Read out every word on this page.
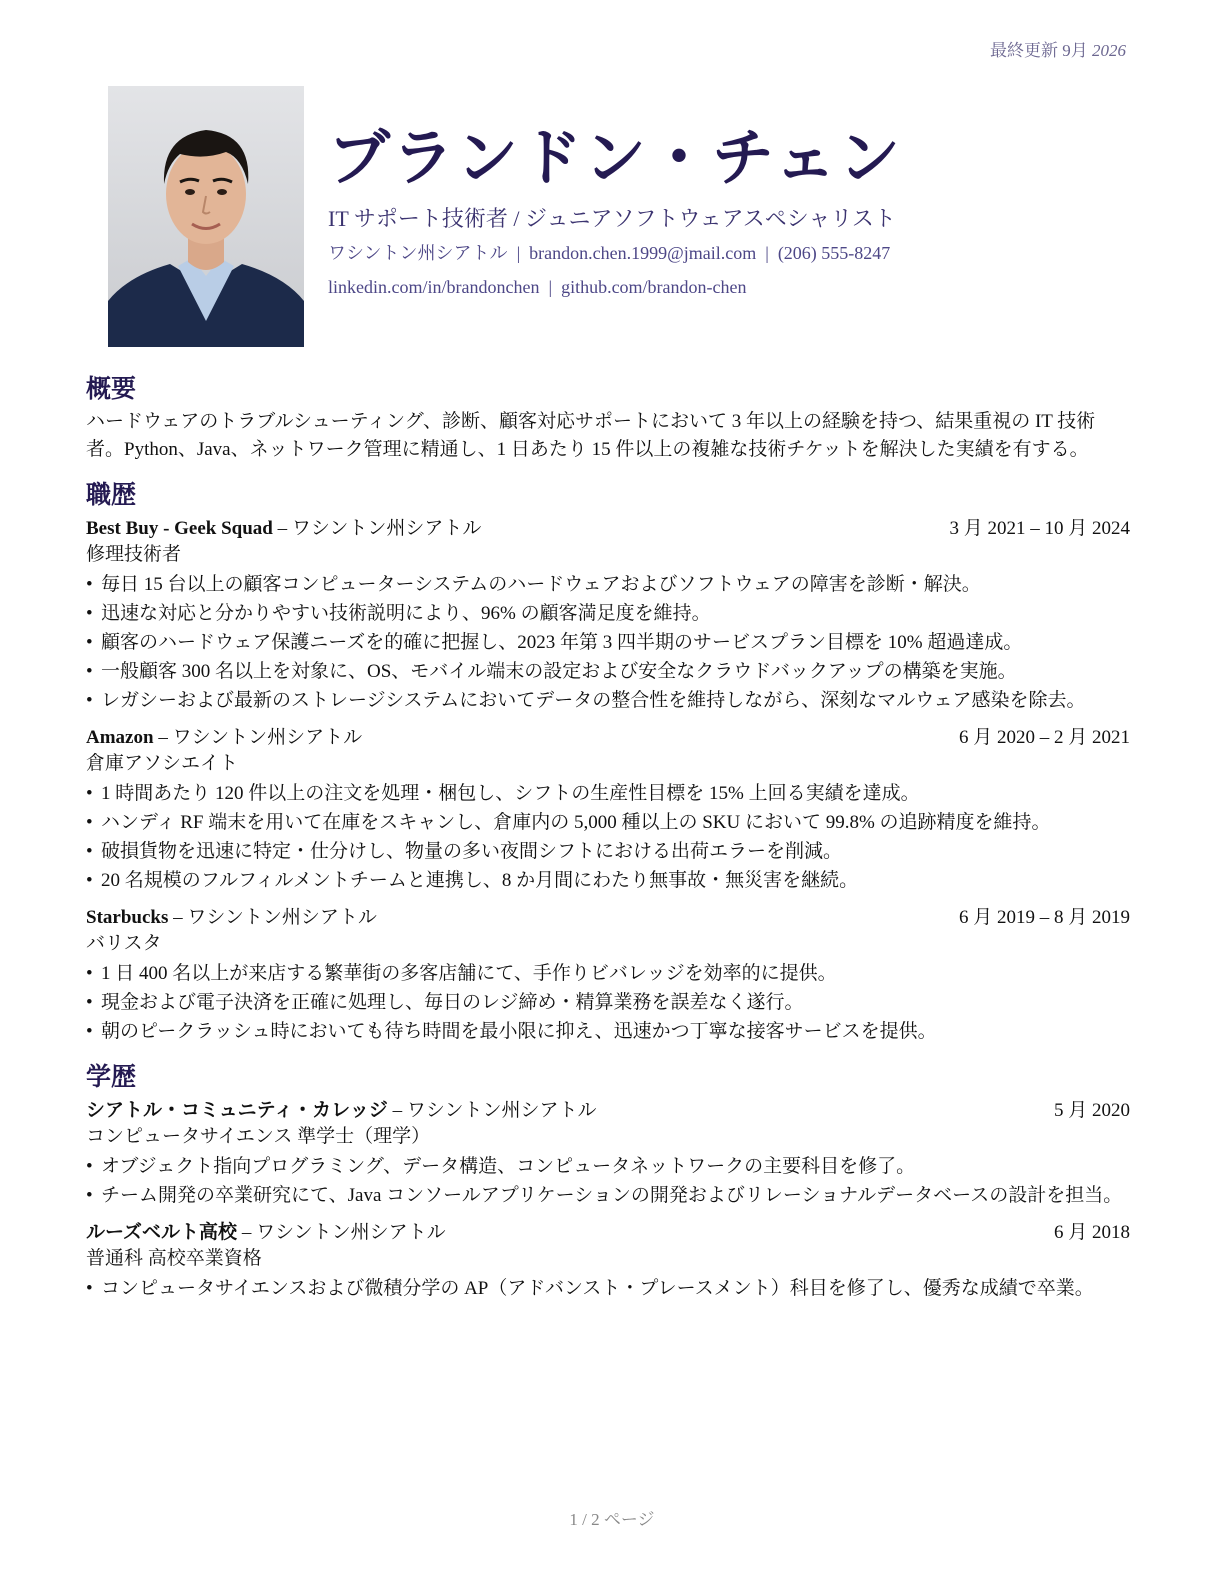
最終更新 9月 2026
ブランドン・チェン
IT サポート技術者 / ジュニアソフトウェアスペシャリスト
ワシントン州シアトル | brandon.chen.1999@jmail.com | (206) 555-8247
linkedin.com/in/brandonchen | github.com/brandon-chen
概要

ハードウェアのトラブルシューティング、診断、顧客対応サポートにおいて 3 年以上の経験を持つ、結果重視の IT 技術者。Python、Java、ネットワーク管理に精通し、1 日あたり 15 件以上の複雑な技術チケットを解決した実績を有する。

職歴
Best Buy - Geek Squad – ワシントン州シアトル	3 月 2021 – 10 月 2024
修理技術者
• 毎日 15 台以上の顧客コンピューターシステムのハードウェアおよびソフトウェアの障害を診断・解決。
• 迅速な対応と分かりやすい技術説明により、96% の顧客満足度を維持。
• 顧客のハードウェア保護ニーズを的確に把握し、2023 年第 3 四半期のサービスプラン目標を 10% 超過達成。
• 一般顧客 300 名以上を対象に、OS、モバイル端末の設定および安全なクラウドバックアップの構築を実施。
• レガシーおよび最新のストレージシステムにおいてデータの整合性を維持しながら、深刻なマルウェア感染を除去。
Amazon – ワシントン州シアトル	6 月 2020 – 2 月 2021
倉庫アソシエイト
• 1 時間あたり 120 件以上の注文を処理・梱包し、シフトの生産性目標を 15% 上回る実績を達成。
• ハンディ RF 端末を用いて在庫をスキャンし、倉庫内の 5,000 種以上の SKU において 99.8% の追跡精度を維持。
• 破損貨物を迅速に特定・仕分けし、物量の多い夜間シフトにおける出荷エラーを削減。
• 20 名規模のフルフィルメントチームと連携し、8 か月間にわたり無事故・無災害を継続。
Starbucks – ワシントン州シアトル	6 月 2019 – 8 月 2019
バリスタ
• 1 日 400 名以上が来店する繁華街の多客店舗にて、手作りビバレッジを効率的に提供。
• 現金および電子決済を正確に処理し、毎日のレジ締め・精算業務を誤差なく遂行。
• 朝のピークラッシュ時においても待ち時間を最小限に抑え、迅速かつ丁寧な接客サービスを提供。
学歴
シアトル・コミュニティ・カレッジ – ワシントン州シアトル	5 月 2020
コンピュータサイエンス 準学士（理学）
• オブジェクト指向プログラミング、データ構造、コンピュータネットワークの主要科目を修了。
• チーム開発の卒業研究にて、Java コンソールアプリケーションの開発およびリレーショナルデータベースの設計を担当。
ルーズベルト高校 – ワシントン州シアトル	6 月 2018
普通科 高校卒業資格
• コンピュータサイエンスおよび微積分学の AP（アドバンスト・プレースメント）科目を修了し、優秀な成績で卒業。
1 / 2 ページ
